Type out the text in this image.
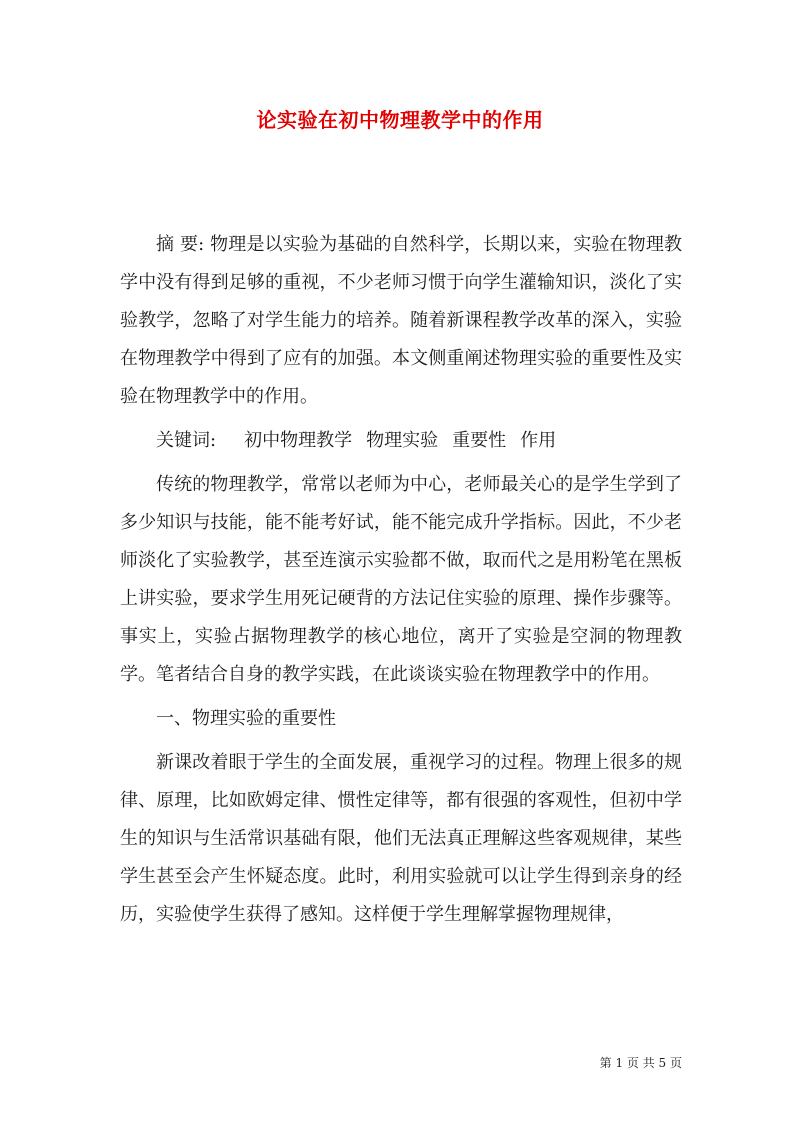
论实验在初中物理教学中的作用

摘 要: 物理是以实验为基础的自然科学，长期以来，实验在物理教学中没有得到足够的重视，不少老师习惯于向学生灌输知识，淡化了实验教学，忽略了对学生能力的培养。随着新课程教学改革的深入，实验在物理教学中得到了应有的加强。本文侧重阐述物理实验的重要性及实验在物理教学中的作用。

关键词: 初中物理教学 物理实验 重要性 作用

传统的物理教学，常常以老师为中心，老师最关心的是学生学到了多少知识与技能，能不能考好试，能不能完成升学指标。因此，不少老师淡化了实验教学，甚至连演示实验都不做，取而代之是用粉笔在黑板上讲实验，要求学生用死记硬背的方法记住实验的原理、操作步骤等。事实上，实验占据物理教学的核心地位，离开了实验是空洞的物理教学。笔者结合自身的教学实践，在此谈谈实验在物理教学中的作用。

一、物理实验的重要性

新课改着眼于学生的全面发展，重视学习的过程。物理上很多的规律、原理，比如欧姆定律、惯性定律等，都有很强的客观性，但初中学生的知识与生活常识基础有限，他们无法真正理解这些客观规律，某些学生甚至会产生怀疑态度。此时，利用实验就可以让学生得到亲身的经历，实验使学生获得了感知。这样便于学生理解掌握物理规律，

第 1 页 共 5 页
